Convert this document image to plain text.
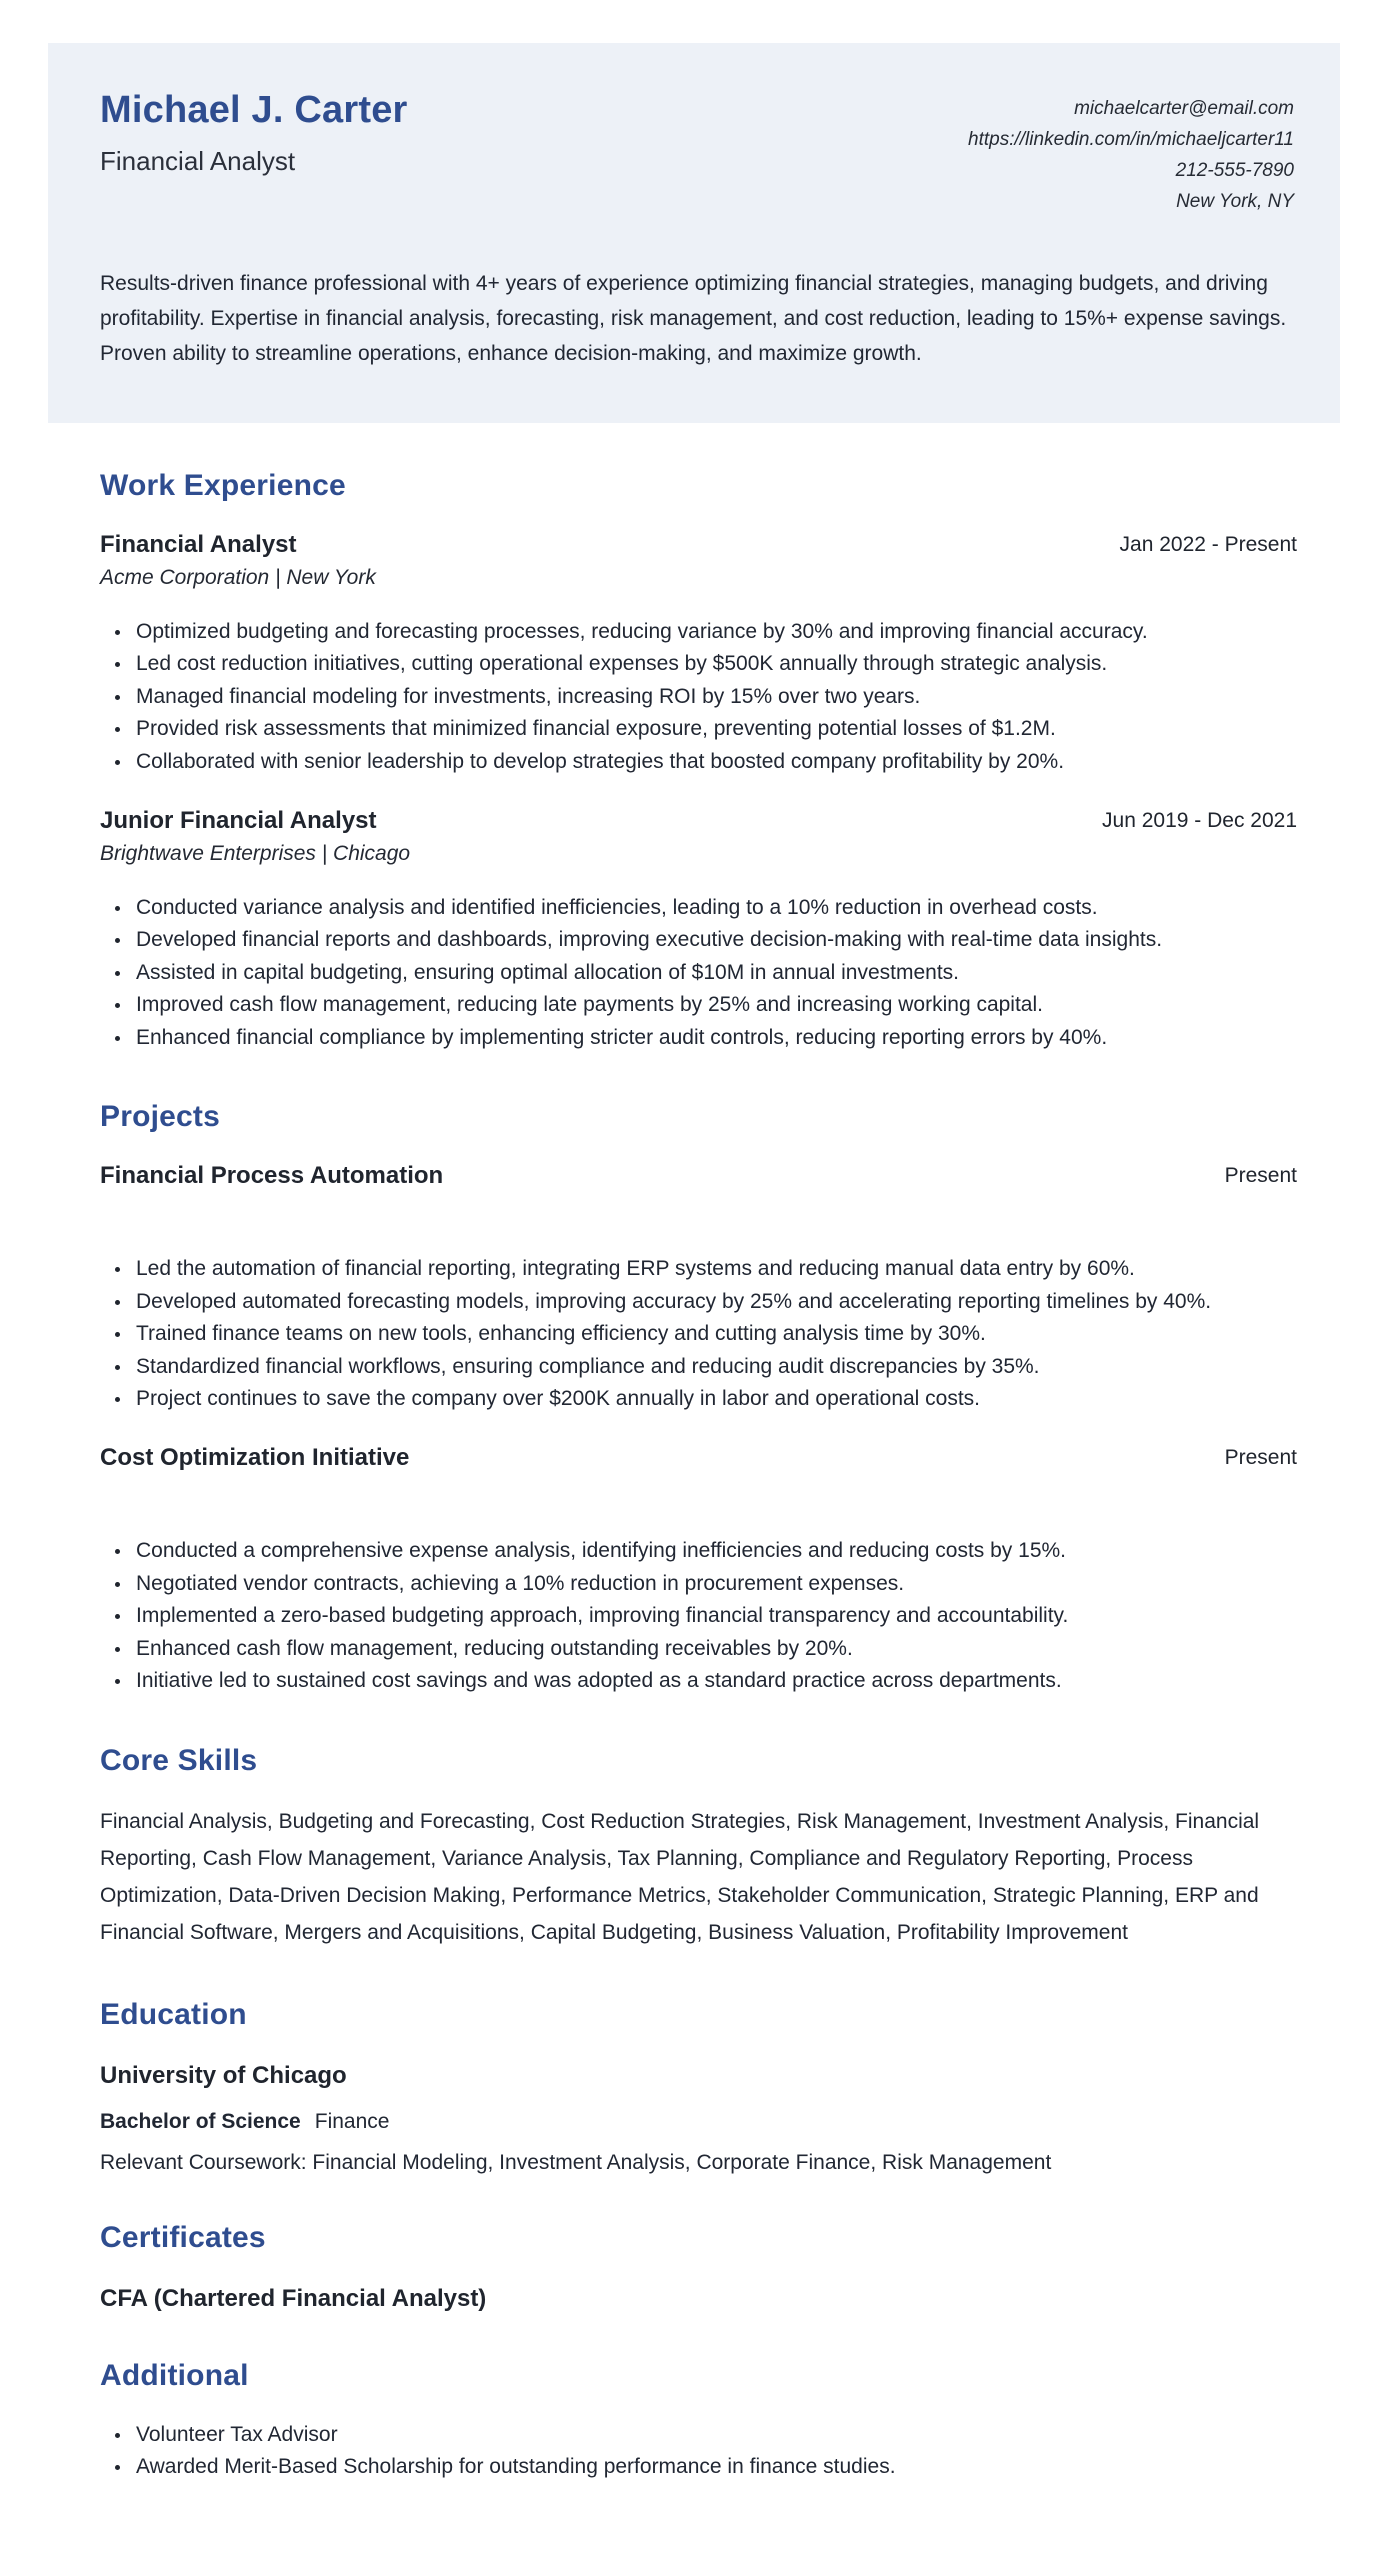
Michael J. Carter
Financial Analyst
michaelcarter@email.com
https://linkedin.com/in/michaeljcarter11
212-555-7890
New York, NY

Results-driven finance professional with 4+ years of experience optimizing financial strategies, managing budgets, and driving profitability. Expertise in financial analysis, forecasting, risk management, and cost reduction, leading to 15%+ expense savings. Proven ability to streamline operations, enhance decision-making, and maximize growth.

Work Experience
Financial Analyst	Jan 2022 - Present
Acme Corporation | New York
• Optimized budgeting and forecasting processes, reducing variance by 30% and improving financial accuracy.
• Led cost reduction initiatives, cutting operational expenses by $500K annually through strategic analysis.
• Managed financial modeling for investments, increasing ROI by 15% over two years.
• Provided risk assessments that minimized financial exposure, preventing potential losses of $1.2M.
• Collaborated with senior leadership to develop strategies that boosted company profitability by 20%.
Junior Financial Analyst	Jun 2019 - Dec 2021
Brightwave Enterprises | Chicago
• Conducted variance analysis and identified inefficiencies, leading to a 10% reduction in overhead costs.
• Developed financial reports and dashboards, improving executive decision-making with real-time data insights.
• Assisted in capital budgeting, ensuring optimal allocation of $10M in annual investments.
• Improved cash flow management, reducing late payments by 25% and increasing working capital.
• Enhanced financial compliance by implementing stricter audit controls, reducing reporting errors by 40%.
Projects
Financial Process Automation	Present
• Led the automation of financial reporting, integrating ERP systems and reducing manual data entry by 60%.
• Developed automated forecasting models, improving accuracy by 25% and accelerating reporting timelines by 40%.
• Trained finance teams on new tools, enhancing efficiency and cutting analysis time by 30%.
• Standardized financial workflows, ensuring compliance and reducing audit discrepancies by 35%.
• Project continues to save the company over $200K annually in labor and operational costs.
Cost Optimization Initiative	Present
• Conducted a comprehensive expense analysis, identifying inefficiencies and reducing costs by 15%.
• Negotiated vendor contracts, achieving a 10% reduction in procurement expenses.
• Implemented a zero-based budgeting approach, improving financial transparency and accountability.
• Enhanced cash flow management, reducing outstanding receivables by 20%.
• Initiative led to sustained cost savings and was adopted as a standard practice across departments.
Core Skills

Financial Analysis, Budgeting and Forecasting, Cost Reduction Strategies, Risk Management, Investment Analysis, Financial Reporting, Cash Flow Management, Variance Analysis, Tax Planning, Compliance and Regulatory Reporting, Process Optimization, Data-Driven Decision Making, Performance Metrics, Stakeholder Communication, Strategic Planning, ERP and Financial Software, Mergers and Acquisitions, Capital Budgeting, Business Valuation, Profitability Improvement

Education
University of Chicago
Bachelor of Science Finance
Relevant Coursework: Financial Modeling, Investment Analysis, Corporate Finance, Risk Management
Certificates
CFA (Chartered Financial Analyst)
Additional
• Volunteer Tax Advisor
• Awarded Merit-Based Scholarship for outstanding performance in finance studies.
